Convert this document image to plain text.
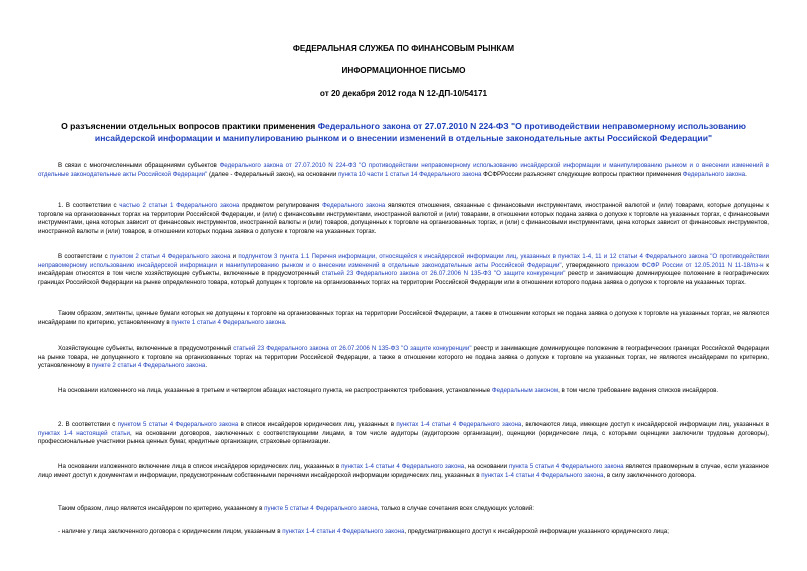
ФЕДЕРАЛЬНАЯ СЛУЖБА ПО ФИНАНСОВЫМ РЫНКАМ
ИНФОРМАЦИОННОЕ ПИСЬМО
от 20 декабря 2012 года N 12-ДП-10/54171
О разъяснении отдельных вопросов практики применения Федерального закона от 27.07.2010 N 224-ФЗ "О противодействии неправомерному использованию инсайдерской информации и манипулированию рынком и о внесении изменений в отдельные законодательные акты Российской Федерации"

В связи с многочисленными обращениями субъектов Федерального закона от 27.07.2010 N 224-ФЗ "О противодействии неправомерному использованию инсайдерской информации и манипулированию рынком и о внесении изменений в отдельные законодательные акты Российской Федерации" (далее - Федеральный закон), на основании пункта 10 части 1 статьи 14 Федерального закона ФСФРРоссии разъясняет следующие вопросы практики применения Федерального закона.

1. В соответствии с частью 2 статьи 1 Федерального закона предметом регулирования Федерального закона являются отношения, связанные с финансовыми инструментами, иностранной валютой и (или) товарами, которые допущены к торговле на организованных торгах на территории Российской Федерации, и (или) с финансовыми инструментами, иностранной валютой и (или) товарами, в отношении которых подана заявка о допуске к торговле на указанных торгах, с финансовыми инструментами, цена которых зависит от финансовых инструментов, иностранной валюты и (или) товаров, допущенных к торговле на организованных торгах, и (или) с финансовыми инструментами, цена которых зависит от финансовых инструментов, иностранной валюты и (или) товаров, в отношении которых подана заявка о допуске к торговле на указанных торгах.

В соответствии с пунктом 2 статьи 4 Федерального закона и подпунктом 3 пункта 1.1 Перечня информации, относящейся к инсайдерской информации лиц, указанных в пунктах 1-4, 11 и 12 статьи 4 Федерального закона "О противодействии неправомерному использованию инсайдерской информации и манипулированию рынком и о внесении изменений в отдельные законодательные акты Российской Федерации", утвержденного приказом ФСФР России от 12.05.2011 N 11-18/пз-н к инсайдерам относятся в том числе хозяйствующие субъекты, включенные в предусмотренный статьей 23 Федерального закона от 26.07.2006 N 135-ФЗ "О защите конкуренции" реестр и занимающие доминирующее положение в географических границах Российской Федерации на рынке определенного товара, который допущен к торговле на организованных торгах на территории Российской Федерации или в отношении которого подана заявка о допуске к торговле на указанных торгах.

Таким образом, эмитенты, ценные бумаги которых не допущены к торговле на организованных торгах на территории Российской Федерации, а также в отношении которых не подана заявка о допуске к торговле на указанных торгах, не являются инсайдерами по критерию, установленному в пункте 1 статьи 4 Федерального закона.

Хозяйствующие субъекты, включенные в предусмотренный статьей 23 Федерального закона от 26.07.2006 N 135-ФЗ "О защите конкуренции" реестр и занимающие доминирующее положение в географических границах Российской Федерации на рынке товара, не допущенного к торговле на организованных торгах на территории Российской Федерации, а также в отношении которого не подана заявка о допуске к торговле на указанных торгах, не являются инсайдерами по критерию, установленному в пункте 2 статьи 4 Федерального закона.

На основании изложенного на лица, указанные в третьем и четвертом абзацах настоящего пункта, не распространяются требования, установленные Федеральным законом, в том числе требование ведения списков инсайдеров.

2. В соответствии с пунктом 5 статьи 4 Федерального закона в список инсайдеров юридических лиц, указанных в пунктах 1-4 статьи 4 Федерального закона, включаются лица, имеющие доступ к инсайдерской информации лиц, указанных в пунктах 1-4 настоящей статьи, на основании договоров, заключенных с соответствующими лицами, в том числе аудиторы (аудиторские организации), оценщики (юридические лица, с которыми оценщики заключили трудовые договоры), профессиональные участники рынка ценных бумаг, кредитные организации, страховые организации.

На основании изложенного включение лица в список инсайдеров юридических лиц, указанных в пунктах 1-4 статьи 4 Федерального закона, на основании пункта 5 статьи 4 Федерального закона является правомерным в случае, если указанное лицо имеет доступ к документам и информации, предусмотренным собственными перечнями инсайдерской информации юридических лиц, указанных в пунктах 1-4 статьи 4 Федерального закона, в силу заключенного договора.

Таким образом, лицо является инсайдером по критерию, указанному в пункте 5 статьи 4 Федерального закона, только в случае сочетания всех следующих условий:

- наличие у лица заключенного договора с юридическим лицом, указанным в пунктах 1-4 статьи 4 Федерального закона, предусматривающего доступ к инсайдерской информации указанного юридического лица;
